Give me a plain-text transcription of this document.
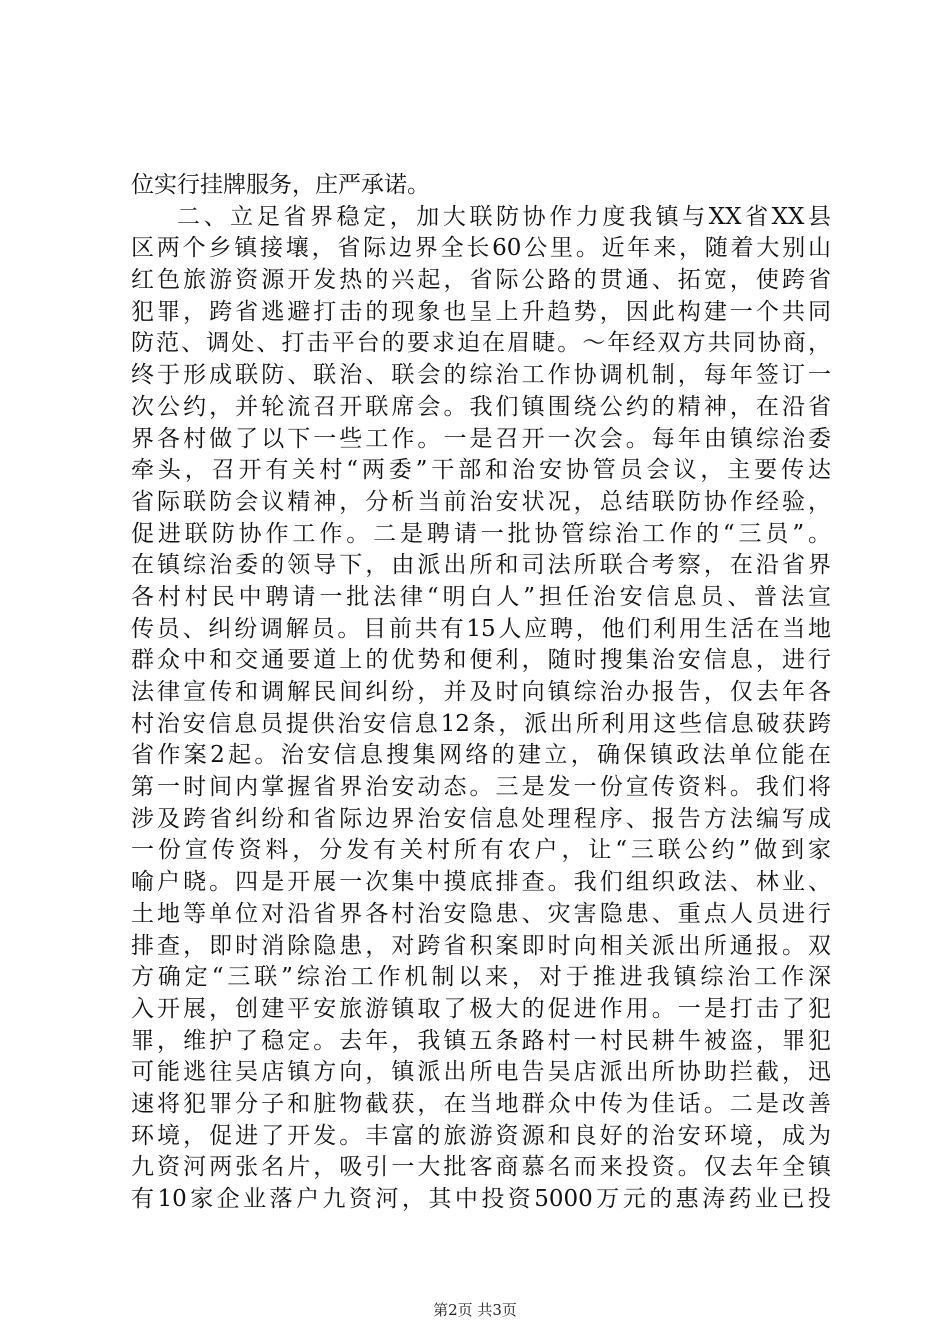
位实行挂牌服务，庄严承诺。
二、立足省界稳定，加大联防协作力度我镇与XX省XX县
区两个乡镇接壤，省际边界全长60公里。近年来，随着大别山
红色旅游资源开发热的兴起，省际公路的贯通、拓宽，使跨省
犯罪，跨省逃避打击的现象也呈上升趋势，因此构建一个共同
防范、调处、打击平台的要求迫在眉睫。～年经双方共同协商，
终于形成联防、联治、联会的综治工作协调机制，每年签订一
次公约，并轮流召开联席会。我们镇围绕公约的精神，在沿省
界各村做了以下一些工作。一是召开一次会。每年由镇综治委
牵头，召开有关村“两委”干部和治安协管员会议，主要传达
省际联防会议精神，分析当前治安状况，总结联防协作经验，
促进联防协作工作。二是聘请一批协管综治工作的“三员”。
在镇综治委的领导下，由派出所和司法所联合考察，在沿省界
各村村民中聘请一批法律“明白人”担任治安信息员、普法宣
传员、纠纷调解员。目前共有15人应聘，他们利用生活在当地
群众中和交通要道上的优势和便利，随时搜集治安信息，进行
法律宣传和调解民间纠纷，并及时向镇综治办报告，仅去年各
村治安信息员提供治安信息12条，派出所利用这些信息破获跨
省作案2起。治安信息搜集网络的建立，确保镇政法单位能在
第一时间内掌握省界治安动态。三是发一份宣传资料。我们将
涉及跨省纠纷和省际边界治安信息处理程序、报告方法编写成
一份宣传资料，分发有关村所有农户，让“三联公约”做到家
喻户晓。四是开展一次集中摸底排查。我们组织政法、林业、
土地等单位对沿省界各村治安隐患、灾害隐患、重点人员进行
排查，即时消除隐患，对跨省积案即时向相关派出所通报。双
方确定“三联”综治工作机制以来，对于推进我镇综治工作深
入开展，创建平安旅游镇取了极大的促进作用。一是打击了犯
罪，维护了稳定。去年，我镇五条路村一村民耕牛被盗，罪犯
可能逃往吴店镇方向，镇派出所电告吴店派出所协助拦截，迅
速将犯罪分子和脏物截获，在当地群众中传为佳话。二是改善
环境，促进了开发。丰富的旅游资源和良好的治安环境，成为
九资河两张名片，吸引一大批客商慕名而来投资。仅去年全镇
有10家企业落户九资河，其中投资5000万元的惠涛药业已投
第2页 共3页
